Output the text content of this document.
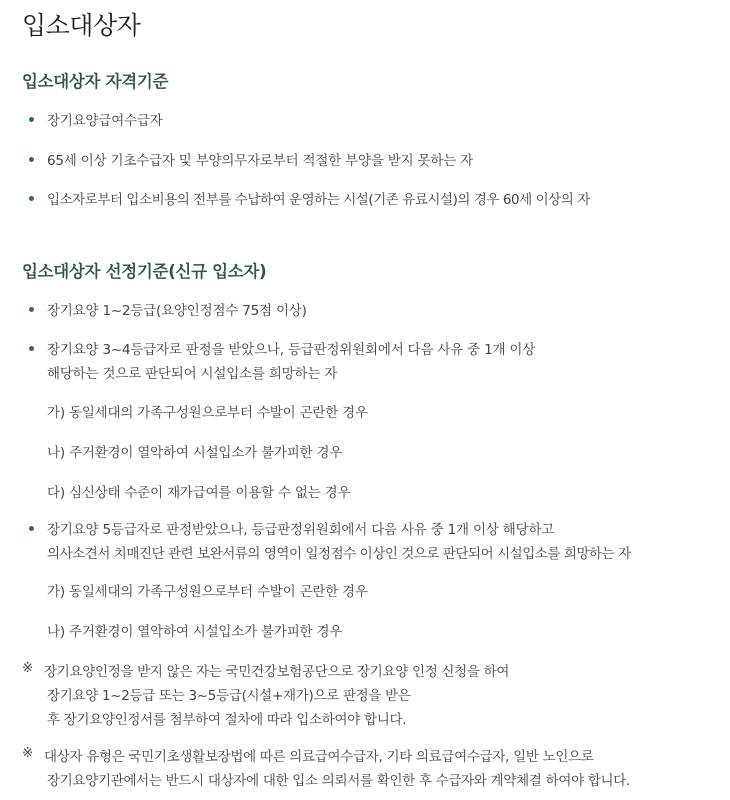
입소대상자
입소대상자 자격기준
장기요양급여수급자
65세 이상 기초수급자 및 부양의무자로부터 적절한 부양을 받지 못하는 자
입소자로부터 입소비용의 전부를 수납하여 운영하는 시설(기존 유료시설)의 경우 60세 이상의 자
입소대상자 선정기준(신규 입소자)
장기요양 1~2등급(요양인정점수 75점 이상)
장기요양 3~4등급자로 판정을 받았으나, 등급판정위원회에서 다음 사유 중 1개 이상
해당하는 것으로 판단되어 시설입소를 희망하는 자
가) 동일세대의 가족구성원으로부터 수발이 곤란한 경우
나) 주거환경이 열악하여 시설입소가 불가피한 경우
다) 심신상태 수준이 재가급여를 이용할 수 없는 경우
장기요양 5등급자로 판정받았으나, 등급판정위원회에서 다음 사유 중 1개 이상 해당하고
의사소견서 치매진단 관련 보완서류의 영역이 일정점수 이상인 것으로 판단되어 시설입소를 희망하는 자
가) 동일세대의 가족구성원으로부터 수발이 곤란한 경우
나) 주거환경이 열악하여 시설입소가 불가피한 경우
※ 장기요양인정을 받지 않은 자는 국민건강보험공단으로 장기요양 인정 신청을 하여
장기요양 1~2등급 또는 3~5등급(시설+재가)으로 판정을 받은
후 장기요양인정서를 첨부하여 절차에 따라 입소하여야 합니다.
※ 대상자 유형은 국민기초생활보장법에 따른 의료급여수급자, 기타 의료급여수급자, 일반 노인으로
장기요양기관에서는 반드시 대상자에 대한 입소 의뢰서를 확인한 후 수급자와 계약체결 하여야 합니다.
